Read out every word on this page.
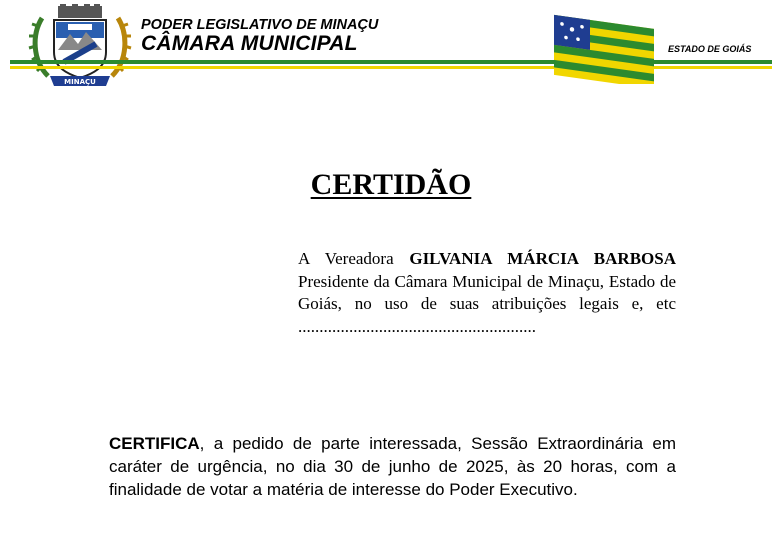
MINAÇU
PODER LEGISLATIVO DE MINAÇU
CÂMARA MUNICIPAL	ESTADO DE GOIÁS
CERTIDÃO
A Vereadora GILVANIA MÁRCIA BARBOSA Presidente da Câmara Municipal de Minaçu, Estado de Goiás, no uso de suas atribuições legais e, etc
........................................................
CERTIFICA, a pedido de parte interessada, Sessão Extraordinária em caráter de urgência, no dia 30 de junho de 2025, às 20 horas, com a finalidade de votar a matéria de interesse do Poder Executivo.
